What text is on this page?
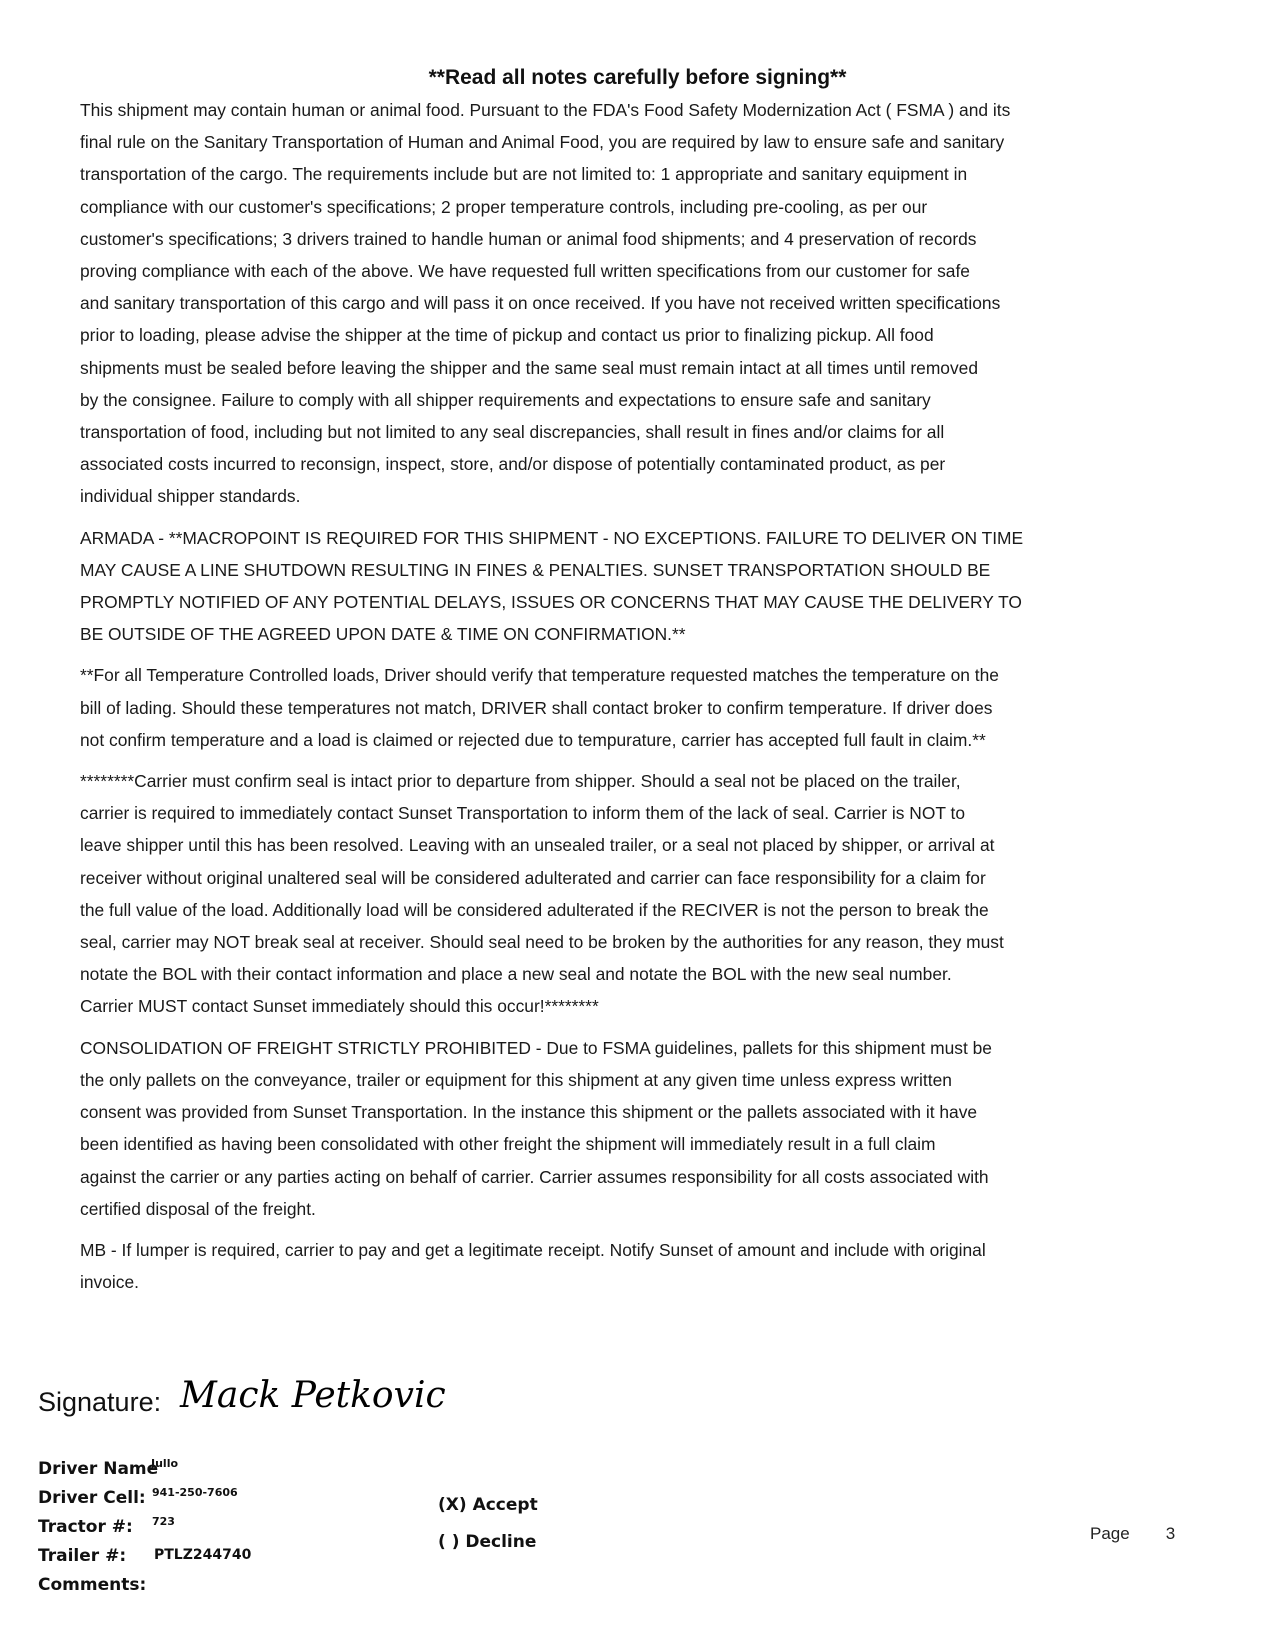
**Read all notes carefully before signing**

This shipment may contain human or animal food. Pursuant to the FDA's Food Safety Modernization Act ( FSMA ) and its
final rule on the Sanitary Transportation of Human and Animal Food, you are required by law to ensure safe and sanitary
transportation of the cargo. The requirements include but are not limited to: 1 appropriate and sanitary equipment in
compliance with our customer's specifications; 2 proper temperature controls, including pre-cooling, as per our
customer's specifications; 3 drivers trained to handle human or animal food shipments; and 4 preservation of records
proving compliance with each of the above. We have requested full written specifications from our customer for safe
and sanitary transportation of this cargo and will pass it on once received. If you have not received written specifications
prior to loading, please advise the shipper at the time of pickup and contact us prior to finalizing pickup. All food
shipments must be sealed before leaving the shipper and the same seal must remain intact at all times until removed
by the consignee. Failure to comply with all shipper requirements and expectations to ensure safe and sanitary
transportation of food, including but not limited to any seal discrepancies, shall result in fines and/or claims for all
associated costs incurred to reconsign, inspect, store, and/or dispose of potentially contaminated product, as per
individual shipper standards.

ARMADA - **MACROPOINT IS REQUIRED FOR THIS SHIPMENT - NO EXCEPTIONS. FAILURE TO DELIVER ON TIME
MAY CAUSE A LINE SHUTDOWN RESULTING IN FINES & PENALTIES. SUNSET TRANSPORTATION SHOULD BE
PROMPTLY NOTIFIED OF ANY POTENTIAL DELAYS, ISSUES OR CONCERNS THAT MAY CAUSE THE DELIVERY TO
BE OUTSIDE OF THE AGREED UPON DATE & TIME ON CONFIRMATION.**

**For all Temperature Controlled loads, Driver should verify that temperature requested matches the temperature on the
bill of lading. Should these temperatures not match, DRIVER shall contact broker to confirm temperature. If driver does
not confirm temperature and a load is claimed or rejected due to tempurature, carrier has accepted full fault in claim.**

********Carrier must confirm seal is intact prior to departure from shipper. Should a seal not be placed on the trailer,
carrier is required to immediately contact Sunset Transportation to inform them of the lack of seal. Carrier is NOT to
leave shipper until this has been resolved. Leaving with an unsealed trailer, or a seal not placed by shipper, or arrival at
receiver without original unaltered seal will be considered adulterated and carrier can face responsibility for a claim for
the full value of the load. Additionally load will be considered adulterated if the RECIVER is not the person to break the
seal, carrier may NOT break seal at receiver. Should seal need to be broken by the authorities for any reason, they must
notate the BOL with their contact information and place a new seal and notate the BOL with the new seal number.
Carrier MUST contact Sunset immediately should this occur!********

CONSOLIDATION OF FREIGHT STRICTLY PROHIBITED - Due to FSMA guidelines, pallets for this shipment must be
the only pallets on the conveyance, trailer or equipment for this shipment at any given time unless express written
consent was provided from Sunset Transportation. In the instance this shipment or the pallets associated with it have
been identified as having been consolidated with other freight the shipment will immediately result in a full claim
against the carrier or any parties acting on behalf of carrier. Carrier assumes responsibility for all costs associated with
certified disposal of the freight.

MB - If lumper is required, carrier to pay and get a legitimate receipt. Notify Sunset of amount and include with original
invoice.

Signature: Mack Petkovic
Driver Name
Jullo
Driver Cell: 941-250-7606
Tractor #: 723
Trailer #: PTLZ244740
Comments:
(X) Accept
( ) Decline	Page 3
